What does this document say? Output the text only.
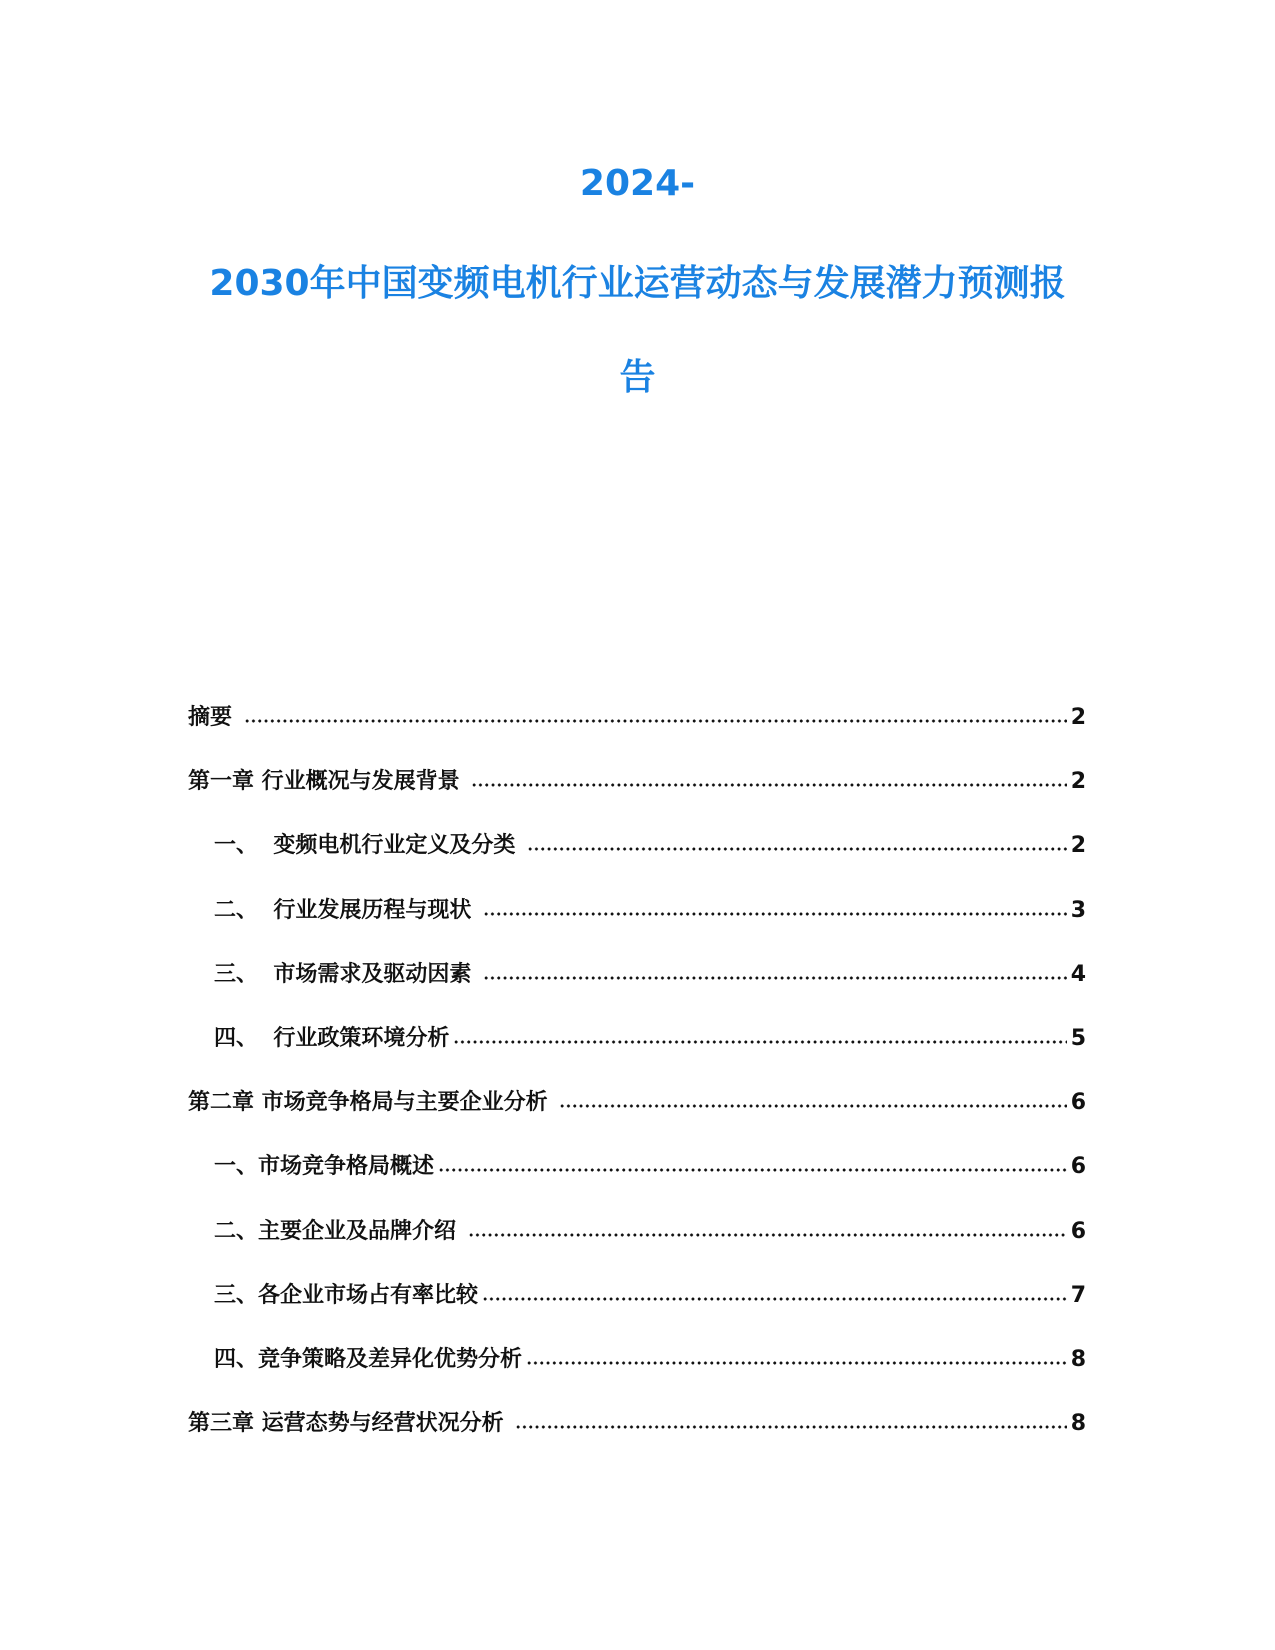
2024-
2030年中国变频电机行业运营动态与发展潜力预测报
告
摘要	2
第一章 行业概况与发展背景	2
一、  变频电机行业定义及分类	2
二、  行业发展历程与现状	3
三、  市场需求及驱动因素	4
四、  行业政策环境分析	5
第二章 市场竞争格局与主要企业分析	6
一、市场竞争格局概述	6
二、主要企业及品牌介绍	6
三、各企业市场占有率比较	7
四、竞争策略及差异化优势分析	8
第三章 运营态势与经营状况分析	8
